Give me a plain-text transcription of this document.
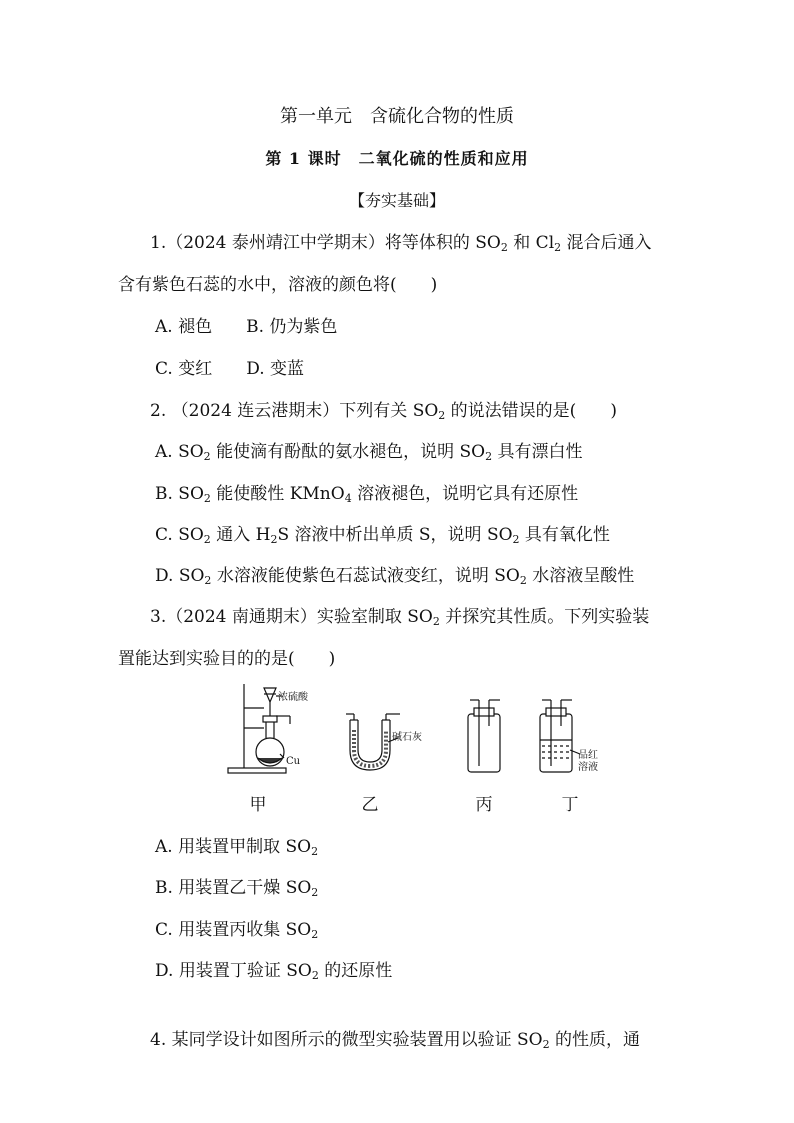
第一单元　含硫化合物的性质
第 1 课时　二氧化硫的性质和应用
【夯实基础】
1.（2024 泰州靖江中学期末）将等体积的 $SO_2$ 和 $Cl_2$ 混合后通入
含有紫色石蕊的水中，溶液的颜色将(　　)
A. 褪色　　B. 仍为紫色
C. 变红　　D. 变蓝
2. （2024 连云港期末）下列有关 $SO_2$ 的说法错误的是(　　)
A. $SO_2$ 能使滴有酚酞的氨水褪色，说明 $SO_2$ 具有漂白性
B. $SO_2$ 能使酸性 KMnO$_4$ 溶液褪色，说明它具有还原性
C. $SO_2$ 通入 $H_2S$ 溶液中析出单质 S，说明 $SO_2$ 具有氧化性
D. $SO_2$ 水溶液能使紫色石蕊试液变红，说明 $SO_2$ 水溶液呈酸性
3.（2024 南通期末）实验室制取 $SO_2$ 并探究其性质。下列实验装
置能达到实验目的的是(　　)
浓硫酸
Cu
碱石灰
品红
溶液
甲	乙	丙	丁
A. 用装置甲制取 $SO_2$
B. 用装置乙干燥 $SO_2$
C. 用装置丙收集 $SO_2$
D. 用装置丁验证 $SO_2$ 的还原性
4. 某同学设计如图所示的微型实验装置用以验证 $SO_2$ 的性质，通
